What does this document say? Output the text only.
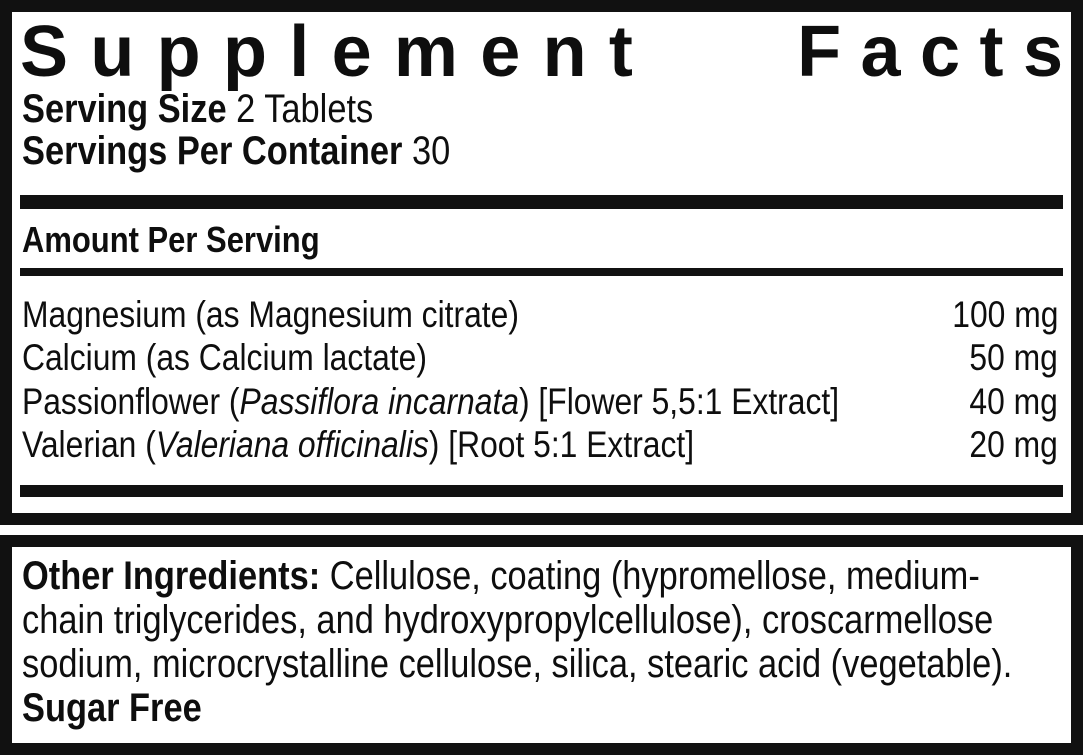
Supplement Facts
Serving Size 2 Tablets
Servings Per Container 30
Amount Per Serving
Magnesium (as Magnesium citrate)	100 mg
Calcium (as Calcium lactate)	50 mg
Passionflower (Passiflora incarnata) [Flower 5,5:1 Extract]	40 mg
Valerian (Valeriana officinalis) [Root 5:1 Extract]	20 mg
Other Ingredients: Cellulose, coating (hypromellose, medium-
chain triglycerides, and hydroxypropylcellulose), croscarmellose
sodium, microcrystalline cellulose, silica, stearic acid (vegetable).
Sugar Free
